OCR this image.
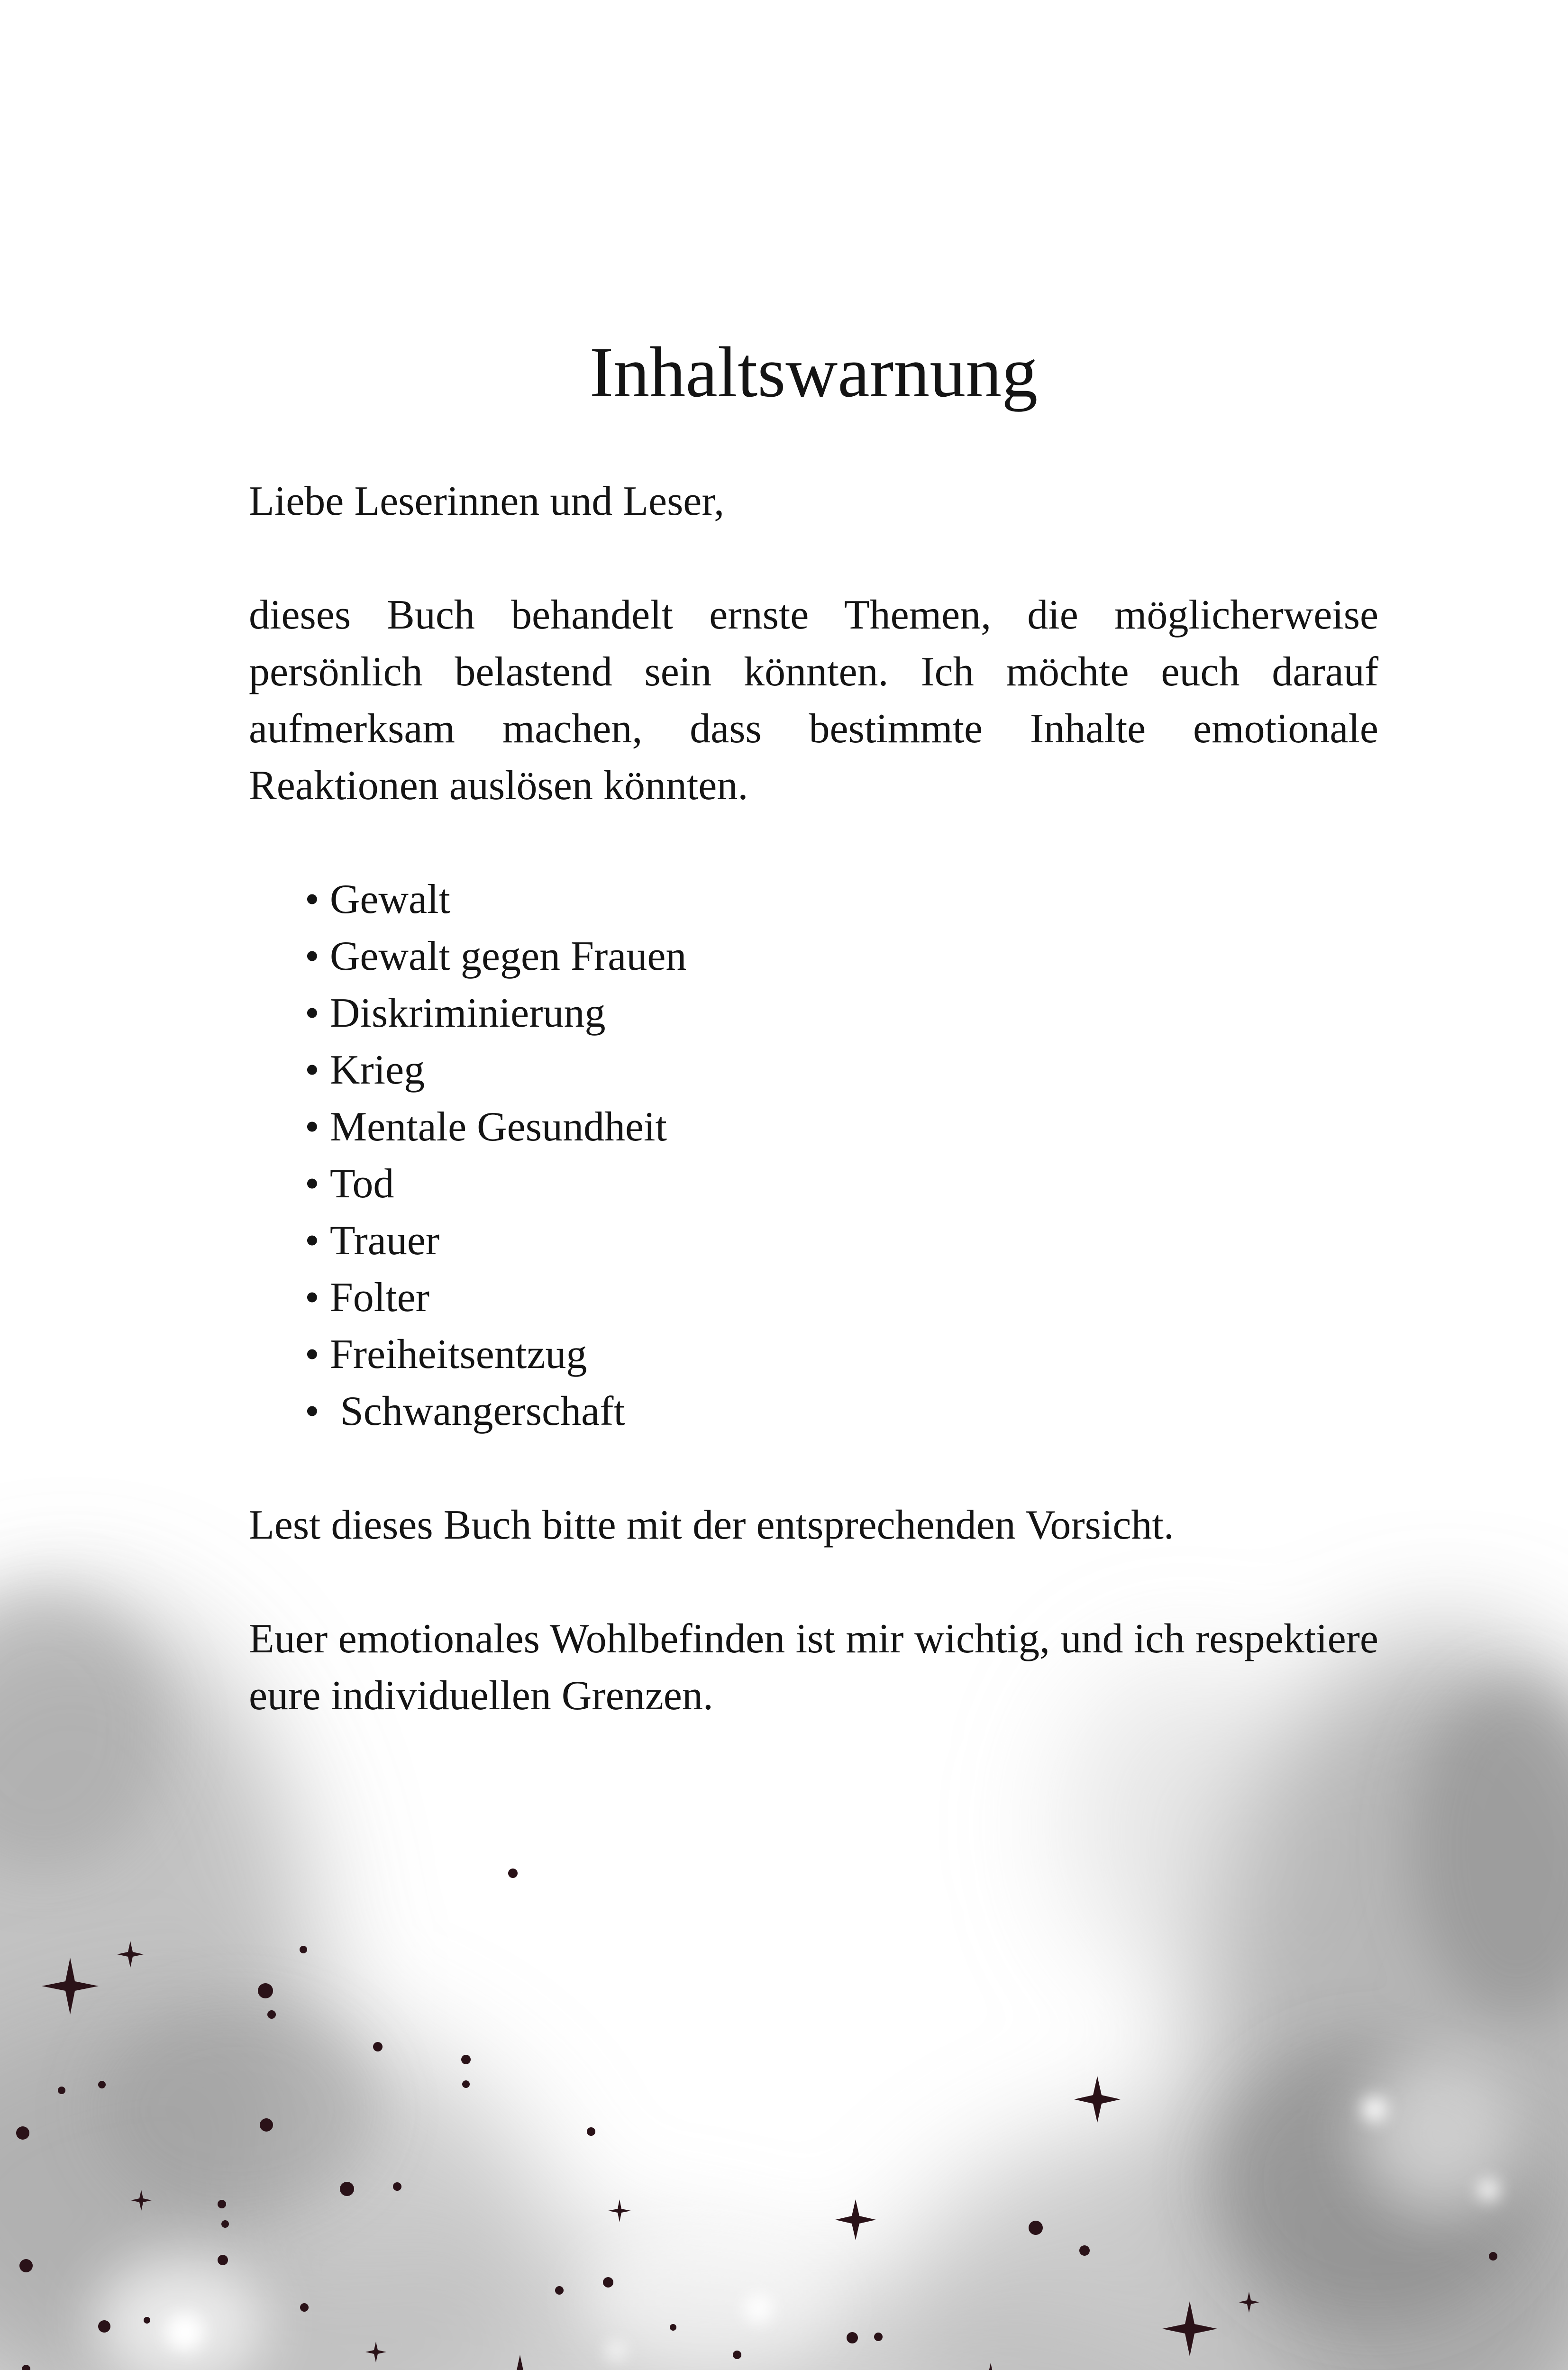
Inhaltswarnung

Liebe Leserinnen und Leser,

dieses Buch behandelt ernste Themen, die möglicherweise persönlich belastend sein könnten. Ich möchte euch darauf aufmerksam machen, dass bestimmte Inhalte emotionale Reaktionen auslösen könnten.

• Gewalt
• Gewalt gegen Frauen
• Diskriminierung
• Krieg
• Mentale Gesundheit
• Tod
• Trauer
• Folter
• Freiheitsentzug
• Schwangerschaft

Lest dieses Buch bitte mit der entsprechenden Vorsicht.

Euer emotionales Wohlbefinden ist mir wichtig, und ich respektiere eure individuellen Grenzen.
